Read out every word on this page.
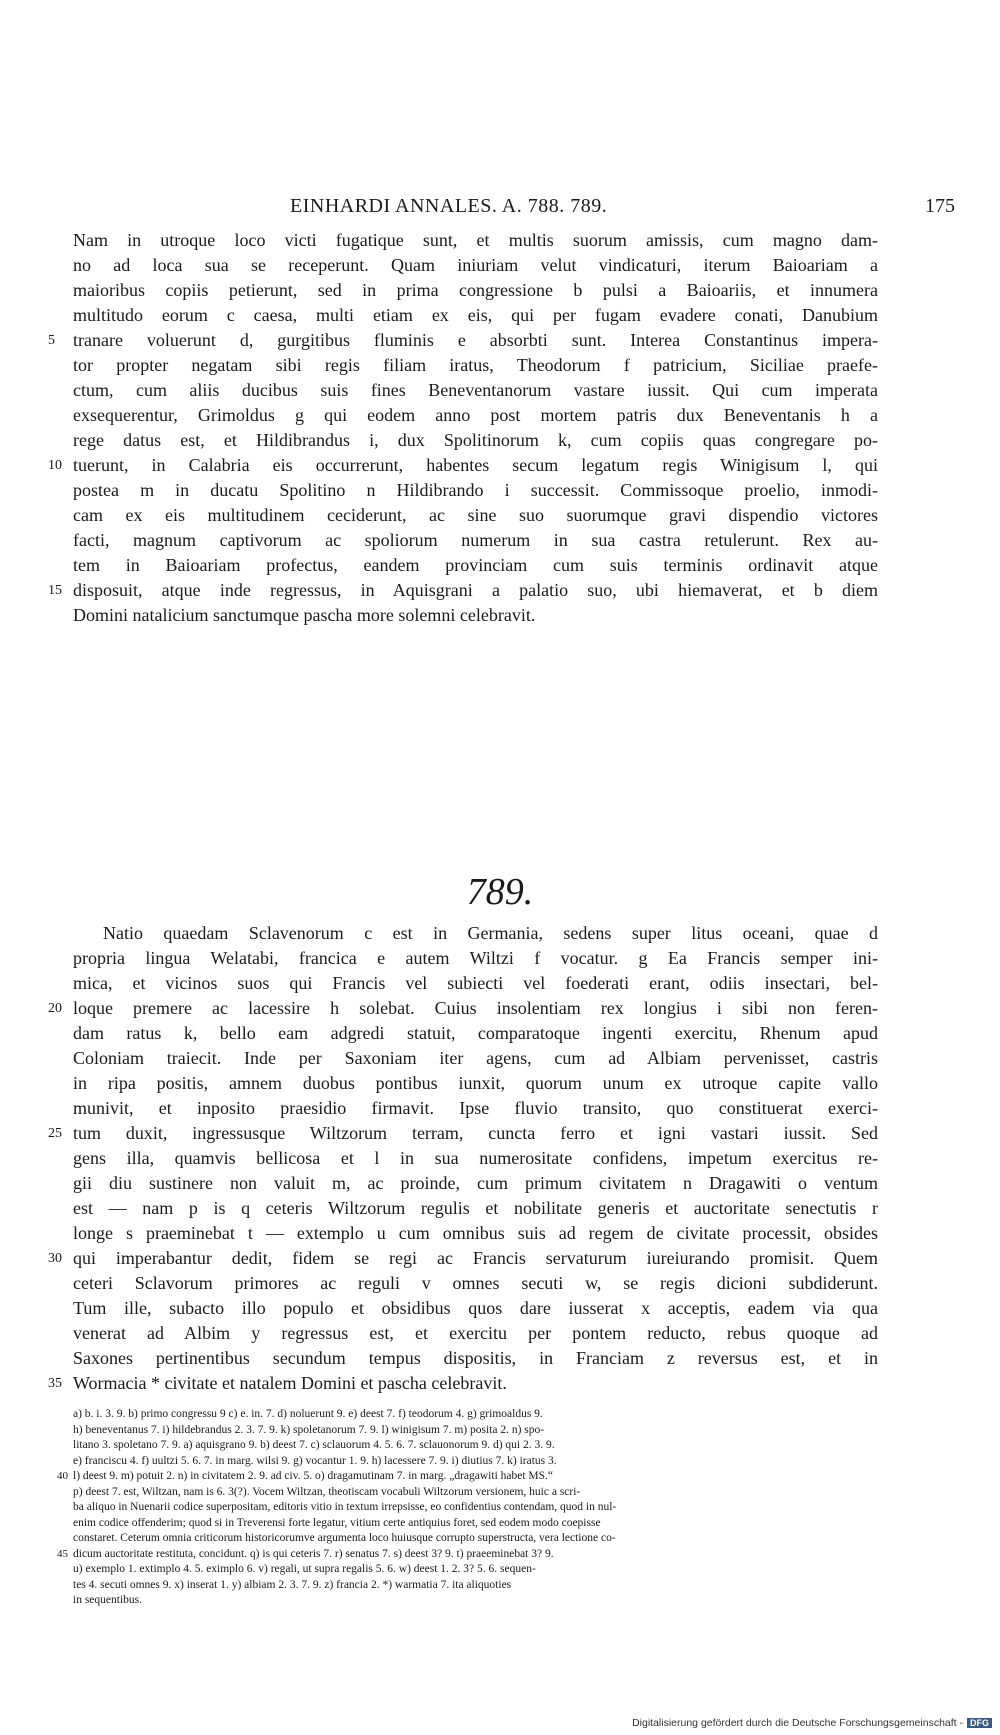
EINHARDI ANNALES. A. 788. 789.	175
Nam in utroque loco victi fugatique sunt, et multis suorum amissis, cum magno dam-
no ad loca sua se receperunt. Quam iniuriam velut vindicaturi, iterum Baioariam a
maioribus copiis petierunt, sed in prima congressione b pulsi a Baioariis, et innumera
multitudo eorum c caesa, multi etiam ex eis, qui per fugam evadere conati, Danubium
5	tranare voluerunt d, gurgitibus fluminis e absorbti sunt. Interea Constantinus impera-
tor propter negatam sibi regis filiam iratus, Theodorum f patricium, Siciliae praefe-
ctum, cum aliis ducibus suis fines Beneventanorum vastare iussit. Qui cum imperata
exsequerentur, Grimoldus g qui eodem anno post mortem patris dux Beneventanis h a
rege datus est, et Hildibrandus i, dux Spolitinorum k, cum copiis quas congregare po-
10 tuerunt, in Calabria eis occurrerunt, habentes secum legatum regis Winigisum l, qui
postea m in ducatu Spolitino n Hildibrando i successit. Commissoque proelio, inmodi-
cam ex eis multitudinem ceciderunt, ac sine suo suorumque gravi dispendio victores
facti, magnum captivorum ac spoliorum numerum in sua castra retulerunt. Rex au-
tem in Baioariam profectus, eandem provinciam cum suis terminis ordinavit atque
15 disposuit, atque inde regressus, in Aquisgrani a palatio suo, ubi hiemaverat, et b diem
Domini natalicium sanctumque pascha more solemni celebravit.
789.
Natio quaedam Sclavenorum c est in Germania, sedens super litus oceani, quae d
propria lingua Welatabi, francica e autem Wiltzi f vocatur. g Ea Francis semper ini-
mica, et vicinos suos qui Francis vel subiecti vel foederati erant, odiis insectari, bel-
20 loque premere ac lacessire h solebat. Cuius insolentiam rex longius i sibi non feren-
dam ratus k, bello eam adgredi statuit, comparatoque ingenti exercitu, Rhenum apud
Coloniam traiecit. Inde per Saxoniam iter agens, cum ad Albiam pervenisset, castris
in ripa positis, amnem duobus pontibus iunxit, quorum unum ex utroque capite vallo
munivit, et inposito praesidio firmavit. Ipse fluvio transito, quo constituerat exerci-
25 tum duxit, ingressusque Wiltzorum terram, cuncta ferro et igni vastari iussit. Sed
gens illa, quamvis bellicosa et l in sua numerositate confidens, impetum exercitus re-
gii diu sustinere non valuit m, ac proinde, cum primum civitatem n Dragawiti o ventum
est — nam p is q ceteris Wiltzorum regulis et nobilitate generis et auctoritate senectutis r
longe s praeminebat t — extemplo u cum omnibus suis ad regem de civitate processit, obsides
30 qui imperabantur dedit, fidem se regi ac Francis servaturum iureiurando promisit. Quem
ceteri Sclavorum primores ac reguli v omnes secuti w, se regis dicioni subdiderunt.
Tum ille, subacto illo populo et obsidibus quos dare iusserat x acceptis, eadem via qua
venerat ad Albim y regressus est, et exercitu per pontem reducto, rebus quoque ad
Saxones pertinentibus secundum tempus dispositis, in Franciam z reversus est, et in
35 Wormacia * civitate et natalem Domini et pascha celebravit.
a) b. i. 3. 9. b) primo congressu 9 c) e. in. 7. d) noluerunt 9. e) deest 7. f) teodorum 4. g) grimoaldus 9.
h) beneventanus 7. i) hildebrandus 2. 3. 7. 9. k) spoletanorum 7. 9. l) winigisum 7. m) posita 2. n) spo-
litano 3. spoletano 7. 9. a) aquisgrano 9. b) deest 7. c) sclauorum 4. 5. 6. 7. sclauonorum 9. d) qui 2. 3. 9.
e) franciscu 4. f) uultzi 5. 6. 7. in marg. wilsi 9. g) vocantur 1. 9. h) lacessere 7. 9. i) diutius 7. k) iratus 3.
40 l) deest 9. m) potuit 2. n) in civitatem 2. 9. ad civ. 5. o) dragamutinam 7. in marg. „dragawiti habet MS.“
p) deest 7. est, Wiltzan, nam is 6. 3(?). Vocem Wiltzan, theotiscam vocabuli Wiltzorum versionem, huic a scri-
ba aliquo in Nuenarii codice superpositam, editoris vitio in textum irrepsisse, eo confidentius contendam, quod in nul-
enim codice offenderim; quod si in Treverensi forte legatur, vitium certe antiquius foret, sed eodem modo coepisse
constaret. Ceterum omnia criticorum historicorumve argumenta loco huiusque corrupto superstructa, vera lectione co-
45 dicum auctoritate restituta, concidunt. q) is qui ceteris 7. r) senatus 7. s) deest 3? 9. t) praeeminebat 3? 9.
u) exemplo 1. extimplo 4. 5. eximplo 6. v) regali, ut supra regalis 5. 6. w) deest 1. 2. 3? 5. 6. sequen-
tes 4. secuti omnes 9. x) inserat 1. y) albiam 2. 3. 7. 9. z) francia 2. *) warmatia 7. ita aliquoties
in sequentibus.
Digitalisierung gefördert durch die Deutsche Forschungsgemeinschaft - DFG
